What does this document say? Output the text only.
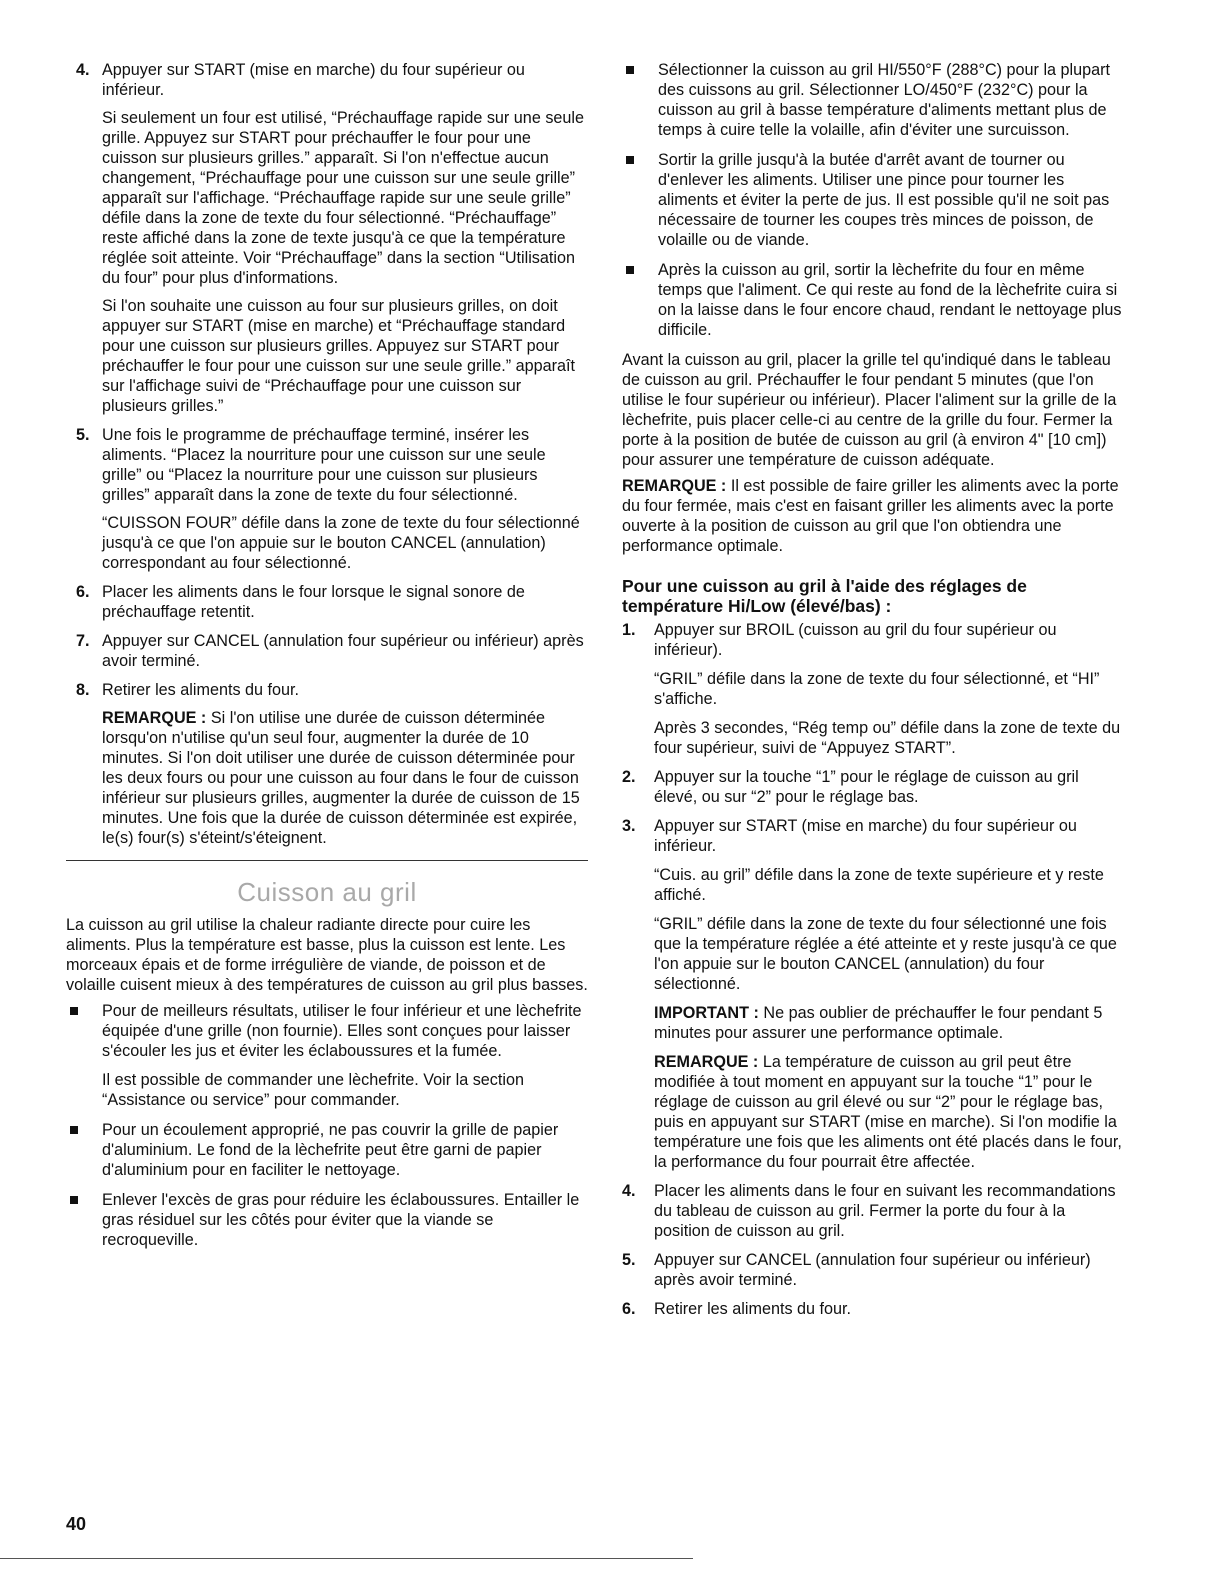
4. Appuyer sur START (mise en marche) du four supérieur ou inférieur.

Si seulement un four est utilisé, “Préchauffage rapide sur une seule grille. Appuyez sur START pour préchauffer le four pour une cuisson sur plusieurs grilles.” apparaît. Si l'on n'effectue aucun changement, “Préchauffage pour une cuisson sur une seule grille” apparaît sur l'affichage. “Préchauffage rapide sur une seule grille” défile dans la zone de texte du four sélectionné. “Préchauffage” reste affiché dans la zone de texte jusqu'à ce que la température réglée soit atteinte. Voir “Préchauffage” dans la section “Utilisation du four” pour plus d'informations.

Si l'on souhaite une cuisson au four sur plusieurs grilles, on doit appuyer sur START (mise en marche) et “Préchauffage standard pour une cuisson sur plusieurs grilles. Appuyez sur START pour préchauffer le four pour une cuisson sur une seule grille.” apparaît sur l'affichage suivi de “Préchauffage pour une cuisson sur plusieurs grilles.”

5. Une fois le programme de préchauffage terminé, insérer les aliments. “Placez la nourriture pour une cuisson sur une seule grille” ou “Placez la nourriture pour une cuisson sur plusieurs grilles” apparaît dans la zone de texte du four sélectionné.

“CUISSON FOUR” défile dans la zone de texte du four sélectionné jusqu'à ce que l'on appuie sur le bouton CANCEL (annulation) correspondant au four sélectionné.

6. Placer les aliments dans le four lorsque le signal sonore de préchauffage retentit.

7. Appuyer sur CANCEL (annulation four supérieur ou inférieur) après avoir terminé.

8. Retirer les aliments du four.

REMARQUE : Si l'on utilise une durée de cuisson déterminée lorsqu'on n'utilise qu'un seul four, augmenter la durée de 10 minutes. Si l'on doit utiliser une durée de cuisson déterminée pour les deux fours ou pour une cuisson au four dans le four de cuisson inférieur sur plusieurs grilles, augmenter la durée de cuisson de 15 minutes. Une fois que la durée de cuisson déterminée est expirée, le(s) four(s) s'éteint/s'éteignent.

Cuisson au gril

La cuisson au gril utilise la chaleur radiante directe pour cuire les aliments. Plus la température est basse, plus la cuisson est lente. Les morceaux épais et de forme irrégulière de viande, de poisson et de volaille cuisent mieux à des températures de cuisson au gril plus basses.

Pour de meilleurs résultats, utiliser le four inférieur et une lèchefrite équipée d'une grille (non fournie). Elles sont conçues pour laisser s'écouler les jus et éviter les éclaboussures et la fumée.

Il est possible de commander une lèchefrite. Voir la section “Assistance ou service” pour commander.

Pour un écoulement approprié, ne pas couvrir la grille de papier d'aluminium. Le fond de la lèchefrite peut être garni de papier d'aluminium pour en faciliter le nettoyage.

Enlever l'excès de gras pour réduire les éclaboussures. Entailler le gras résiduel sur les côtés pour éviter que la viande se recroqueville.

Sélectionner la cuisson au gril HI/550°F (288°C) pour la plupart des cuissons au gril. Sélectionner LO/450°F (232°C) pour la cuisson au gril à basse température d'aliments mettant plus de temps à cuire telle la volaille, afin d'éviter une surcuisson.

Sortir la grille jusqu'à la butée d'arrêt avant de tourner ou d'enlever les aliments. Utiliser une pince pour tourner les aliments et éviter la perte de jus. Il est possible qu'il ne soit pas nécessaire de tourner les coupes très minces de poisson, de volaille ou de viande.

Après la cuisson au gril, sortir la lèchefrite du four en même temps que l'aliment. Ce qui reste au fond de la lèchefrite cuira si on la laisse dans le four encore chaud, rendant le nettoyage plus difficile.

Avant la cuisson au gril, placer la grille tel qu'indiqué dans le tableau de cuisson au gril. Préchauffer le four pendant 5 minutes (que l'on utilise le four supérieur ou inférieur). Placer l'aliment sur la grille de la lèchefrite, puis placer celle-ci au centre de la grille du four. Fermer la porte à la position de butée de cuisson au gril (à environ 4" [10 cm]) pour assurer une température de cuisson adéquate.

REMARQUE : Il est possible de faire griller les aliments avec la porte du four fermée, mais c'est en faisant griller les aliments avec la porte ouverte à la position de cuisson au gril que l'on obtiendra une performance optimale.

Pour une cuisson au gril à l'aide des réglages de température Hi/Low (élevé/bas) :
1. Appuyer sur BROIL (cuisson au gril du four supérieur ou inférieur).

“GRIL” défile dans la zone de texte du four sélectionné, et “HI” s'affiche.

Après 3 secondes, “Rég temp ou” défile dans la zone de texte du four supérieur, suivi de “Appuyez START”.

2. Appuyer sur la touche “1” pour le réglage de cuisson au gril élevé, ou sur “2” pour le réglage bas.

3. Appuyer sur START (mise en marche) du four supérieur ou inférieur.

“Cuis. au gril” défile dans la zone de texte supérieure et y reste affiché.

“GRIL” défile dans la zone de texte du four sélectionné une fois que la température réglée a été atteinte et y reste jusqu'à ce que l'on appuie sur le bouton CANCEL (annulation) du four sélectionné.

IMPORTANT : Ne pas oublier de préchauffer le four pendant 5 minutes pour assurer une performance optimale.

REMARQUE : La température de cuisson au gril peut être modifiée à tout moment en appuyant sur la touche “1” pour le réglage de cuisson au gril élevé ou sur “2” pour le réglage bas, puis en appuyant sur START (mise en marche). Si l'on modifie la température une fois que les aliments ont été placés dans le four, la performance du four pourrait être affectée.

4. Placer les aliments dans le four en suivant les recommandations du tableau de cuisson au gril. Fermer la porte du four à la position de cuisson au gril.

5. Appuyer sur CANCEL (annulation four supérieur ou inférieur) après avoir terminé.

6. Retirer les aliments du four.

40
